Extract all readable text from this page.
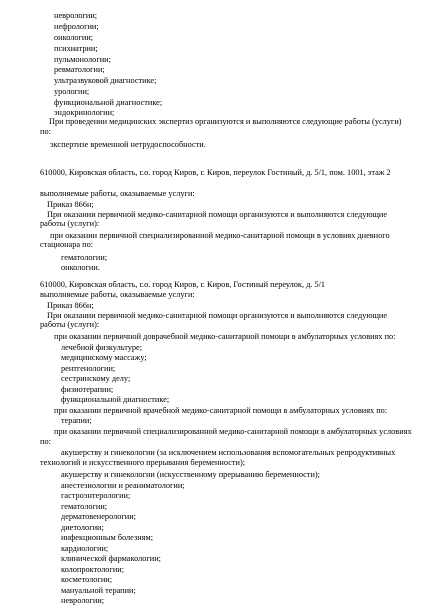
неврологии;
нефрологии;
онкологии;
психиатрии;
пульмонологии;
ревматологии;
ультразвуковой диагностике;
урологии;
функциональной диагностике;
эндокринологии;
При проведении медицинских экспертиз организуются и выполняются следующие работы (услуги) по:
экспертизе временной нетрудоспособности.
610000, Кировская область, г.о. город Киров, г. Киров, переулок Гостиный, д. 5/1, пом. 1001, этаж 2
выполняемые работы, оказываемые услуги:
Приказ 866н;
При оказании первичной медико-санитарной помощи организуются и выполняются следующие работы (услуги):
при оказании первичной специализированной медико-санитарной помощи в условиях дневного стационара по:
гематологии;
онкологии.
610000, Кировская область, г.о. город Киров, г. Киров, Гостиный переулок, д. 5/1
выполняемые работы, оказываемые услуги:
Приказ 866н;
При оказании первичной медико-санитарной помощи организуются и выполняются следующие работы (услуги):
при оказании первичной доврачебной медико-санитарной помощи в амбулаторных условиях по:
лечебной физкультуре;
медицинскому массажу;
рентгенологии;
сестринскому делу;
физиотерапии;
функциональной диагностике;
при оказании первичной врачебной медико-санитарной помощи в амбулаторных условиях по:
терапии;
при оказании первичной специализированной медико-санитарной помощи в амбулаторных условиях по:
акушерству и гинекологии (за исключением использования вспомогательных репродуктивных технологий и искусственного прерывания беременности);
акушерству и гинекологии (искусственному прерыванию беременности);
анестезиологии и реаниматологии;
гастроэнтерологии;
гематологии;
дерматовенерологии;
диетологии;
инфекционным болезням;
кардиологии;
клинической фармакологии;
колопроктологии;
косметологии;
мануальной терапии;
неврологии;
